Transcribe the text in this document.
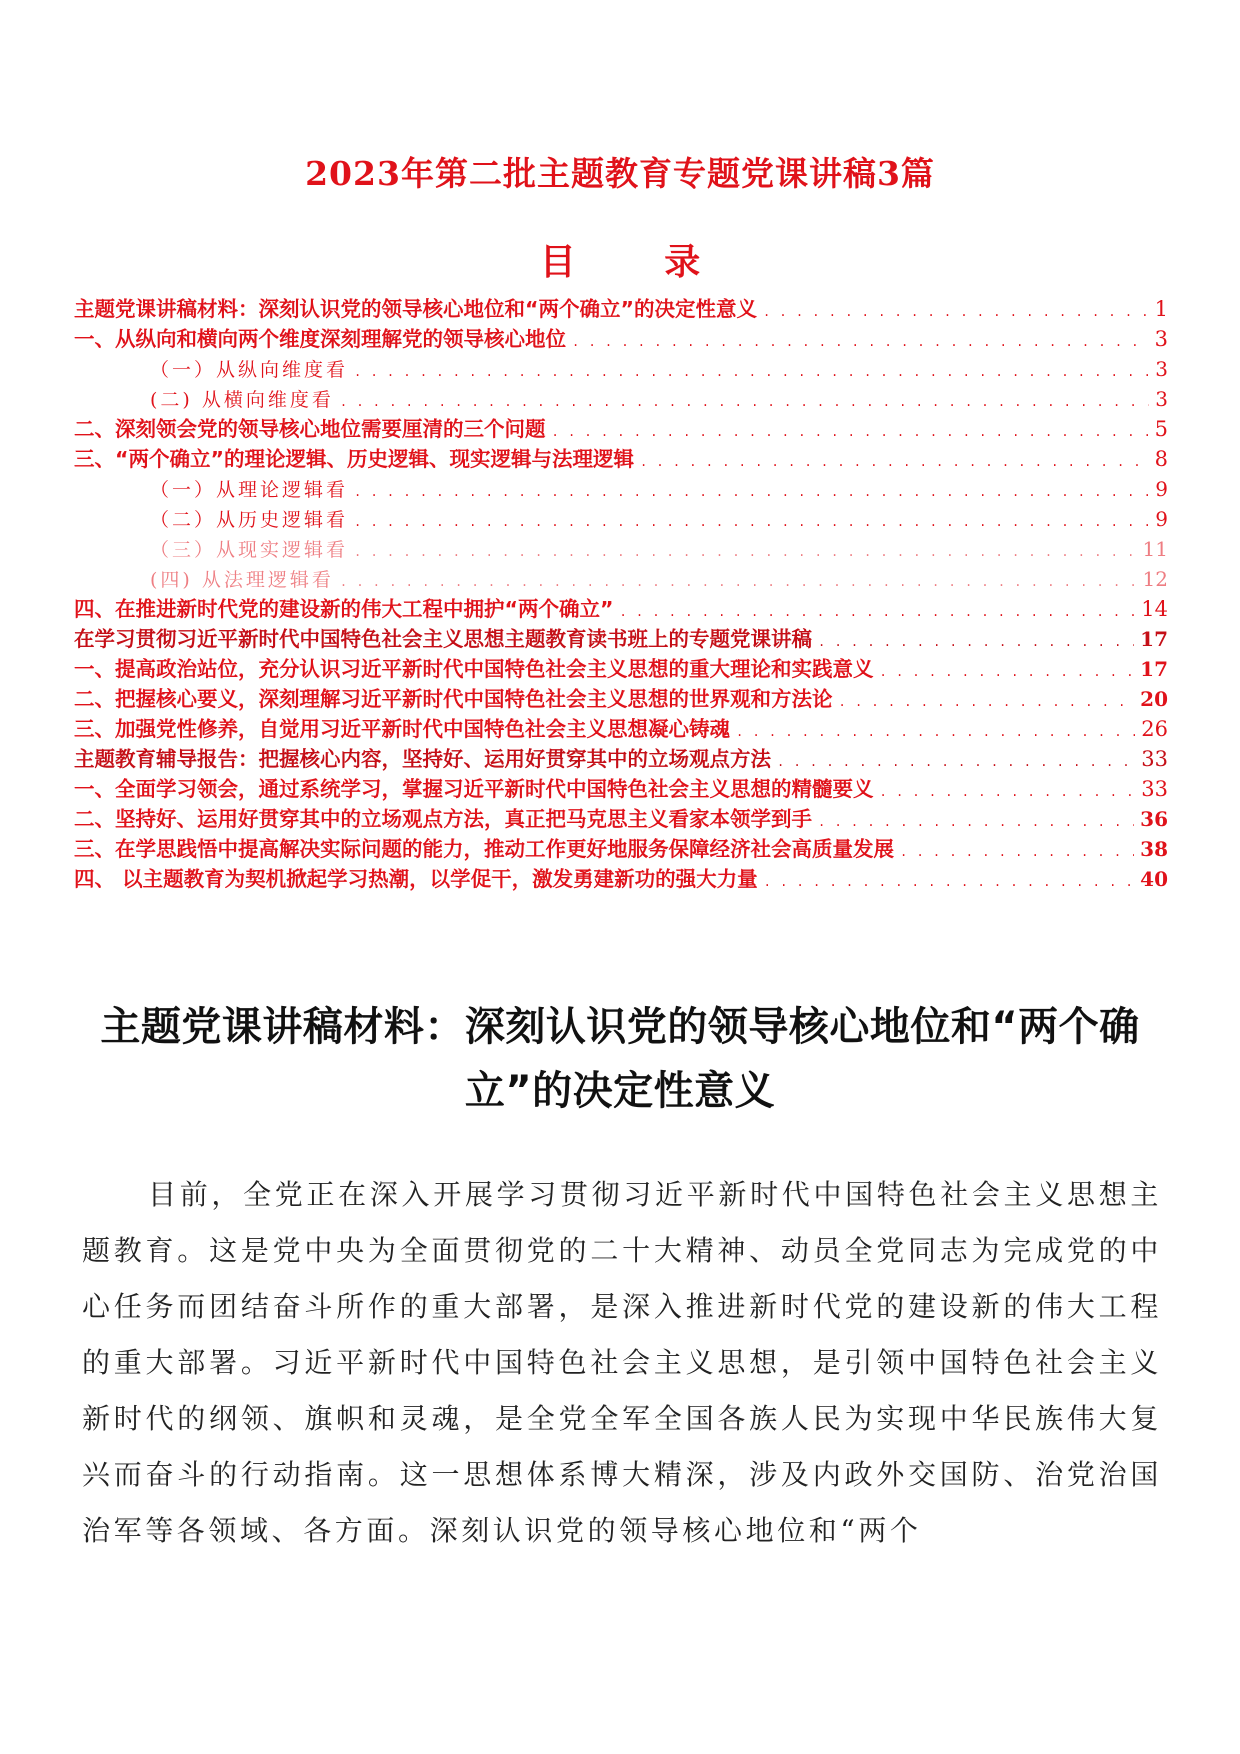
2023年第二批主题教育专题党课讲稿3篇
目 录
主题党课讲稿材料：深刻认识党的领导核心地位和“两个确立”的决定性意义 . . .	1
一、从纵向和横向两个维度深刻理解党的领导核心地位 . . .	3
（一）从纵向维度看 . . .	3
(二) 从横向维度看 . . .	3
二、深刻领会党的领导核心地位需要厘清的三个问题 . . .	5
三、“两个确立”的理论逻辑、历史逻辑、现实逻辑与法理逻辑 . . .	8
（一）从理论逻辑看 . . .	9
（二）从历史逻辑看 . . .	9
（三）从现实逻辑看 . . .	11
(四) 从法理逻辑看 . . .	12
四、在推进新时代党的建设新的伟大工程中拥护“两个确立” . . .	14
在学习贯彻习近平新时代中国特色社会主义思想主题教育读书班上的专题党课讲稿 . . .	17
一、提高政治站位，充分认识习近平新时代中国特色社会主义思想的重大理论和实践意义 . . .	17
二、把握核心要义，深刻理解习近平新时代中国特色社会主义思想的世界观和方法论 . . .	20
三、加强党性修养，自觉用习近平新时代中国特色社会主义思想凝心铸魂 . . .	26
主题教育辅导报告：把握核心内容，坚持好、运用好贯穿其中的立场观点方法 . . .	33
一、全面学习领会，通过系统学习，掌握习近平新时代中国特色社会主义思想的精髓要义 . . .	33
二、坚持好、运用好贯穿其中的立场观点方法，真正把马克思主义看家本领学到手 . . .	36
三、在学思践悟中提高解决实际问题的能力，推动工作更好地服务保障经济社会高质量发展 . . .	38
四、 以主题教育为契机掀起学习热潮，以学促干，激发勇建新功的强大力量 . . .	40
主题党课讲稿材料：深刻认识党的领导核心地位和“两个确立”的决定性意义

目前，全党正在深入开展学习贯彻习近平新时代中国特色社会主义思想主题教育。这是党中央为全面贯彻党的二十大精神、动员全党同志为完成党的中心任务而团结奋斗所作的重大部署，是深入推进新时代党的建设新的伟大工程的重大部署。习近平新时代中国特色社会主义思想，是引领中国特色社会主义新时代的纲领、旗帜和灵魂，是全党全军全国各族人民为实现中华民族伟大复兴而奋斗的行动指南。这一思想体系博大精深，涉及内政外交国防、治党治国治军等各领域、各方面。深刻认识党的领导核心地位和“两个
